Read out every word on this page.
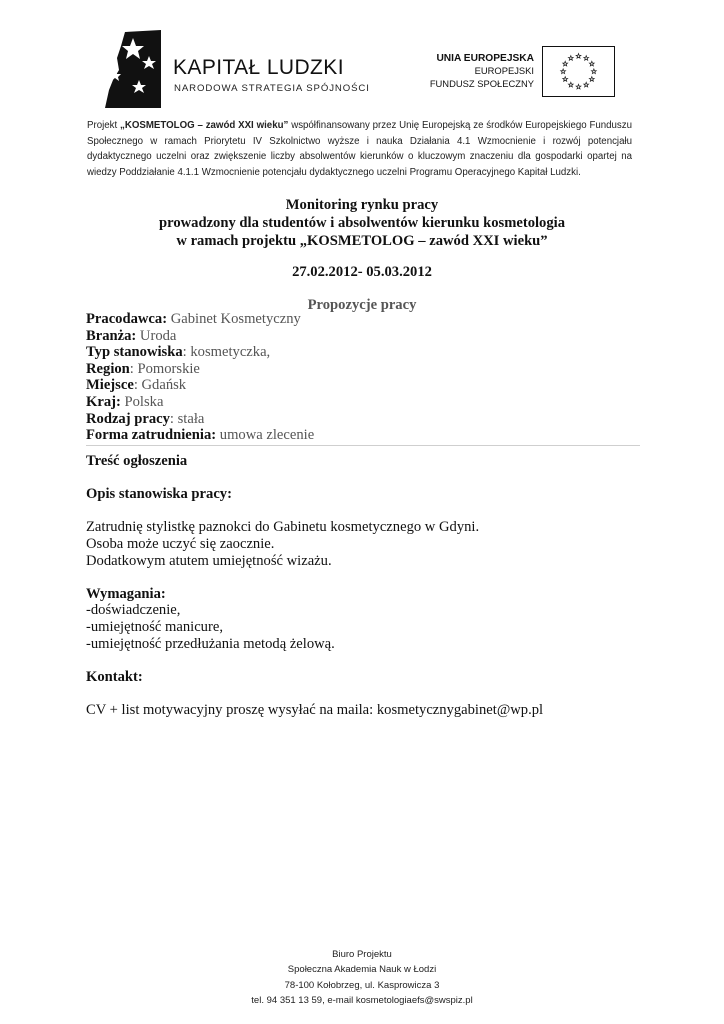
KAPITAŁ LUDZKI
NARODOWA STRATEGIA SPÓJNOŚCI
UNIA EUROPEJSKA
EUROPEJSKI
FUNDUSZ SPOŁECZNY
Projekt „KOSMETOLOG – zawód XXI wieku” współfinansowany przez Unię Europejską ze środków Europejskiego Funduszu Społecznego w ramach Priorytetu IV Szkolnictwo wyższe i nauka Działania 4.1 Wzmocnienie i rozwój potencjału dydaktycznego uczelni oraz zwiększenie liczby absolwentów kierunków o kluczowym znaczeniu dla gospodarki opartej na wiedzy Poddziałanie 4.1.1 Wzmocnienie potencjału dydaktycznego uczelni Programu Operacyjnego Kapitał Ludzki.
Monitoring rynku pracy
prowadzony dla studentów i absolwentów kierunku kosmetologia
w ramach projektu „KOSMETOLOG – zawód XXI wieku”
27.02.2012- 05.03.2012
Propozycje pracy
Pracodawca: Gabinet Kosmetyczny
Branża: Uroda
Typ stanowiska: kosmetyczka,
Region: Pomorskie
Miejsce: Gdańsk
Kraj: Polska
Rodzaj pracy: stała
Forma zatrudnienia: umowa zlecenie
Treść ogłoszenia
Opis stanowiska pracy:
Zatrudnię stylistkę paznokci do Gabinetu kosmetycznego w Gdyni.
Osoba może uczyć się zaocznie.
Dodatkowym atutem umiejętność wizażu.
Wymagania:
-doświadczenie,
-umiejętność manicure,
-umiejętność przedłużania metodą żelową.
Kontakt:
CV + list motywacyjny proszę wysyłać na maila: kosmetycznygabinet@wp.pl
Biuro Projektu
Społeczna Akademia Nauk w Łodzi
78-100 Kołobrzeg, ul. Kasprowicza 3
tel. 94 351 13 59, e-mail kosmetologiaefs@swspiz.pl
